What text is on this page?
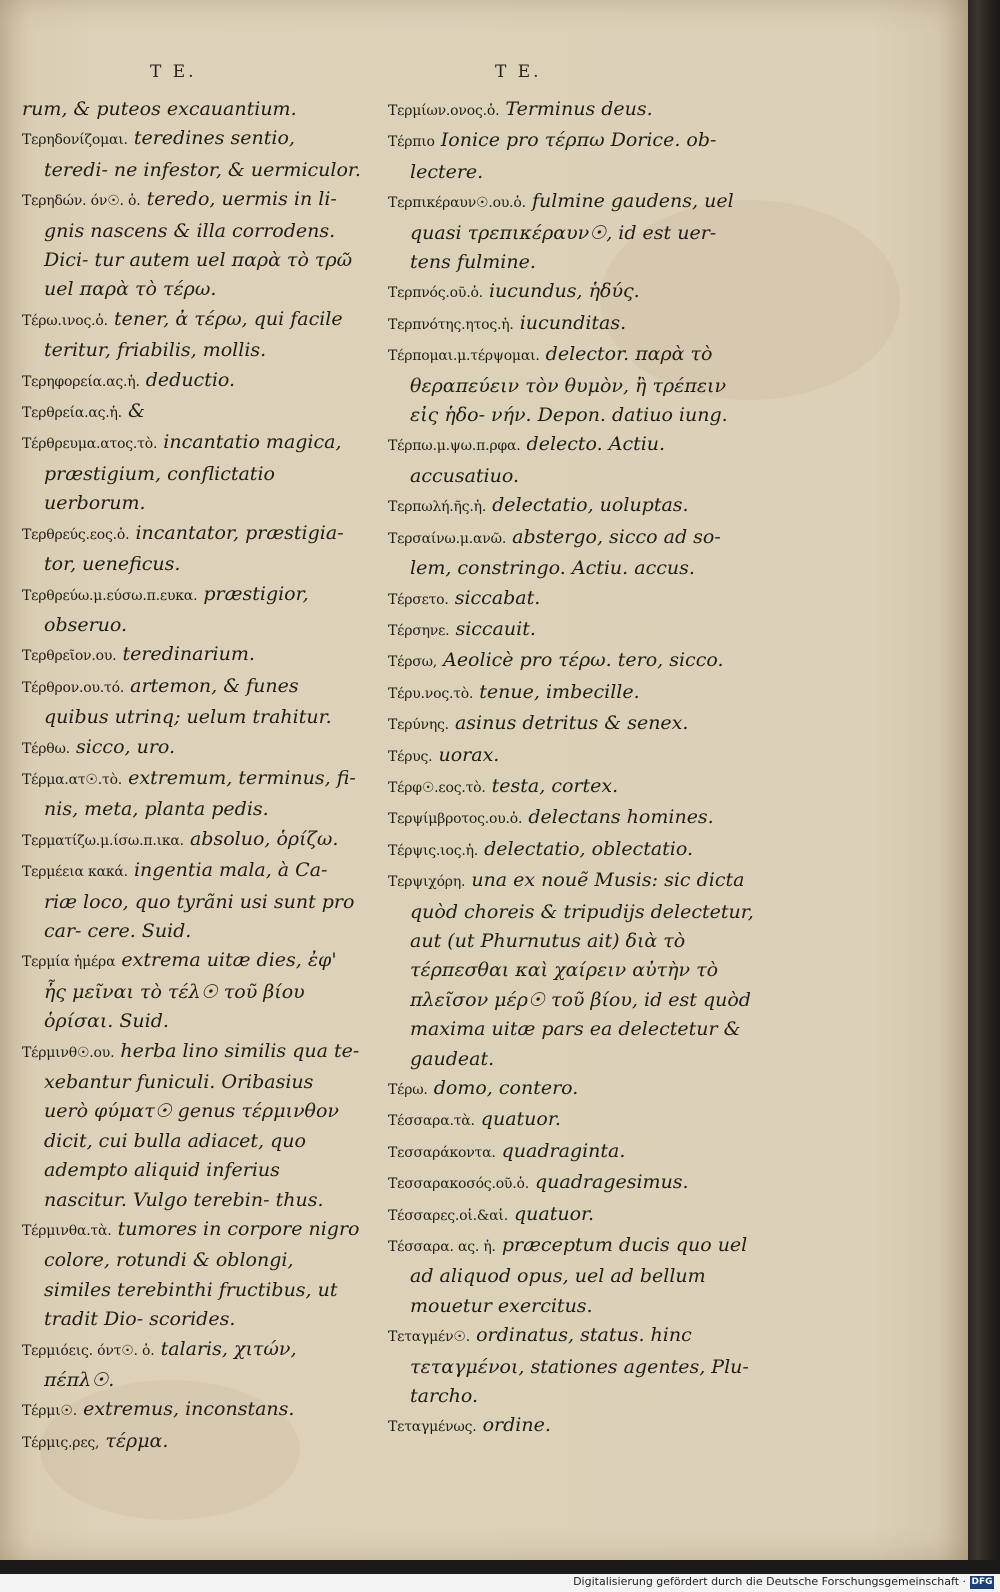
T E.	T E.

rum, & puteos excauantium.

Τερηδονίζομαι. teredines sentio, teredi- ne infestor, & uermiculor.

Τερηδών. όν☉. ὁ. teredo, uermis in li- gnis nascens & illa corrodens. Dici- tur autem uel παρὰ τὸ τρῶ uel παρὰ τὸ τέρω.

Τέρω.ινος.ὁ. tener, ἀ τέρω, qui facile teritur, friabilis, mollis.

Τερηφορεία.ας.ἡ. deductio.

Τερθρεία.ας.ἡ. &

Τέρθρευμα.ατος.τὸ. incantatio magica, præstigium, conflictatio uerborum.

Τερθρεύς.εος.ὁ. incantator, præstigia- tor, ueneficus.

Τερθρεύω.μ.εύσω.π.ευκα. præstigior, obseruo.

Τερθρεῖον.ου. teredinarium.

Τέρθρον.ου.τό. artemon, & funes quibus utrinq; uelum trahitur.

Τέρθω. sicco, uro.

Τέρμα.ατ☉.τὸ. extremum, terminus, fi- nis, meta, planta pedis.

Τερματίζω.μ.ίσω.π.ικα. absoluo, ὁρίζω.

Τερμέεια κακά. ingentia mala, à Ca- riæ loco, quo tyrãni usi sunt pro car- cere. Suid.

Τερμία ἡμέρα extrema uitæ dies, ἐφ' ἧς μεῖναι τὸ τέλ☉ τοῦ βίου ὁρίσαι. Suid.

Τέρμινθ☉.ου. herba lino similis qua te- xebantur funiculi. Oribasius uerò φύματ☉ genus τέρμινθον dicit, cui bulla adiacet, quo adempto aliquid inferius nascitur. Vulgo terebin- thus.

Τέρμινθα.τὰ. tumores in corpore nigro colore, rotundi & oblongi, similes terebinthi fructibus, ut tradit Dio- scorides.

Τερμιόεις. όντ☉. ὁ. talaris, χιτών, πέπλ☉.

Τέρμι☉. extremus, inconstans.

Τέρμις.ρες, τέρμα.

Τερμίων.ονος.ὁ. Terminus deus.

Τέρπιο Ionice pro τέρπω Dorice. ob- lectere.

Τερπικέραυν☉.ου.ὁ. fulmine gaudens, uel quasi τρεπικέραυν☉, id est uer- tens fulmine.

Τερπνός.οῦ.ὁ. iucundus, ἡδύς.

Τερπνότης.ητος.ἡ. iucunditas.

Τέρπομαι.μ.τέρψομαι. delector. παρὰ τὸ θεραπεύειν τὸν θυμὸν, ἢ τρέπειν εἰς ἡδο- νήν. Depon. datiuo iung.

Τέρπω.μ.ψω.π.ρφα. delecto. Actiu. accusatiuo.

Τερπωλή.ῆς.ἡ. delectatio, uoluptas.

Τερσαίνω.μ.ανῶ. abstergo, sicco ad so- lem, constringo. Actiu. accus.

Τέρσετο. siccabat.

Τέρσηνε. siccauit.

Τέρσω, Aeolicè pro τέρω. tero, sicco.

Τέρυ.νος.τὸ. tenue, imbecille.

Τερύνης. asinus detritus & senex.

Τέρυς. uorax.

Τέρφ☉.εος.τὸ. testa, cortex.

Τερψίμβροτος.ου.ὁ. delectans homines.

Τέρψις.ιος.ἡ. delectatio, oblectatio.

Τερψιχόρη. una ex nouẽ Musis: sic dicta quòd choreis & tripudijs delectetur, aut (ut Phurnutus ait) διὰ τὸ τέρπεσθαι καὶ χαίρειν αὐτὴν τὸ πλεῖσον μέρ☉ τοῦ βίου, id est quòd maxima uitæ pars ea delectetur & gaudeat.

Τέρω. domo, contero.

Τέσσαρα.τὰ. quatuor.

Τεσσαράκοντα. quadraginta.

Τεσσαρακοσός.οῦ.ὁ. quadragesimus.

Τέσσαρες.οἱ.&αἱ. quatuor.

Τέσσαρα. ας. ἡ. præceptum ducis quo uel ad aliquod opus, uel ad bellum mouetur exercitus.

Τεταγμέν☉. ordinatus, status. hinc τεταγμένοι, stationes agentes, Plu- tarcho.

Τεταγμένως. ordine.

Digitalisierung gefördert durch die Deutsche Forschungsgemeinschaft · DFG
